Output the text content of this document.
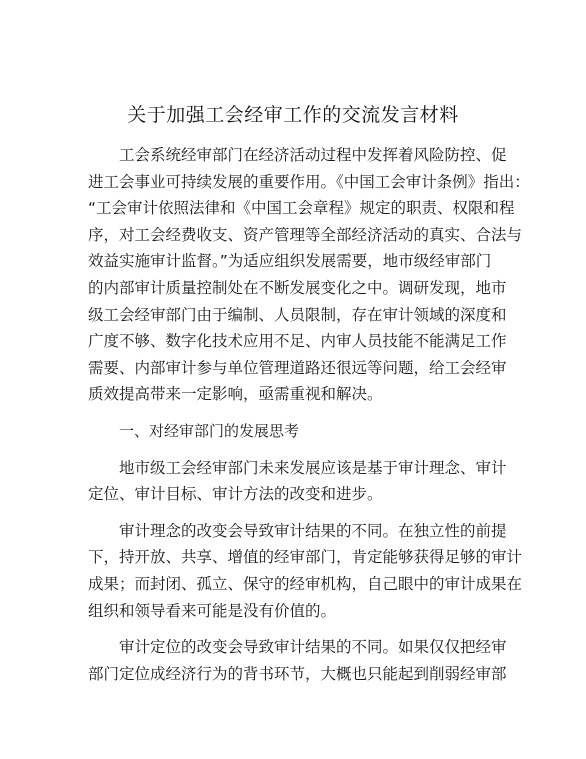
关于加强工会经审工作的交流发言材料
工会系统经审部门在经济活动过程中发挥着风险防控、促
进工会事业可持续发展的重要作用。《中国工会审计条例》指出：
“工会审计依照法律和《中国工会章程》规定的职责、权限和程
序，对工会经费收支、资产管理等全部经济活动的真实、合法与
效益实施审计监督。”为适应组织发展需要，地市级经审部门
的内部审计质量控制处在不断发展变化之中。调研发现，地市
级工会经审部门由于编制、人员限制，存在审计领域的深度和
广度不够、数字化技术应用不足、内审人员技能不能满足工作
需要、内部审计参与单位管理道路还很远等问题，给工会经审
质效提高带来一定影响，亟需重视和解决。
一、对经审部门的发展思考
地市级工会经审部门未来发展应该是基于审计理念、审计
定位、审计目标、审计方法的改变和进步。
审计理念的改变会导致审计结果的不同。在独立性的前提
下，持开放、共享、增值的经审部门，肯定能够获得足够的审计
成果；而封闭、孤立、保守的经审机构，自己眼中的审计成果在
组织和领导看来可能是没有价值的。
审计定位的改变会导致审计结果的不同。如果仅仅把经审
部门定位成经济行为的背书环节，大概也只能起到削弱经审部
